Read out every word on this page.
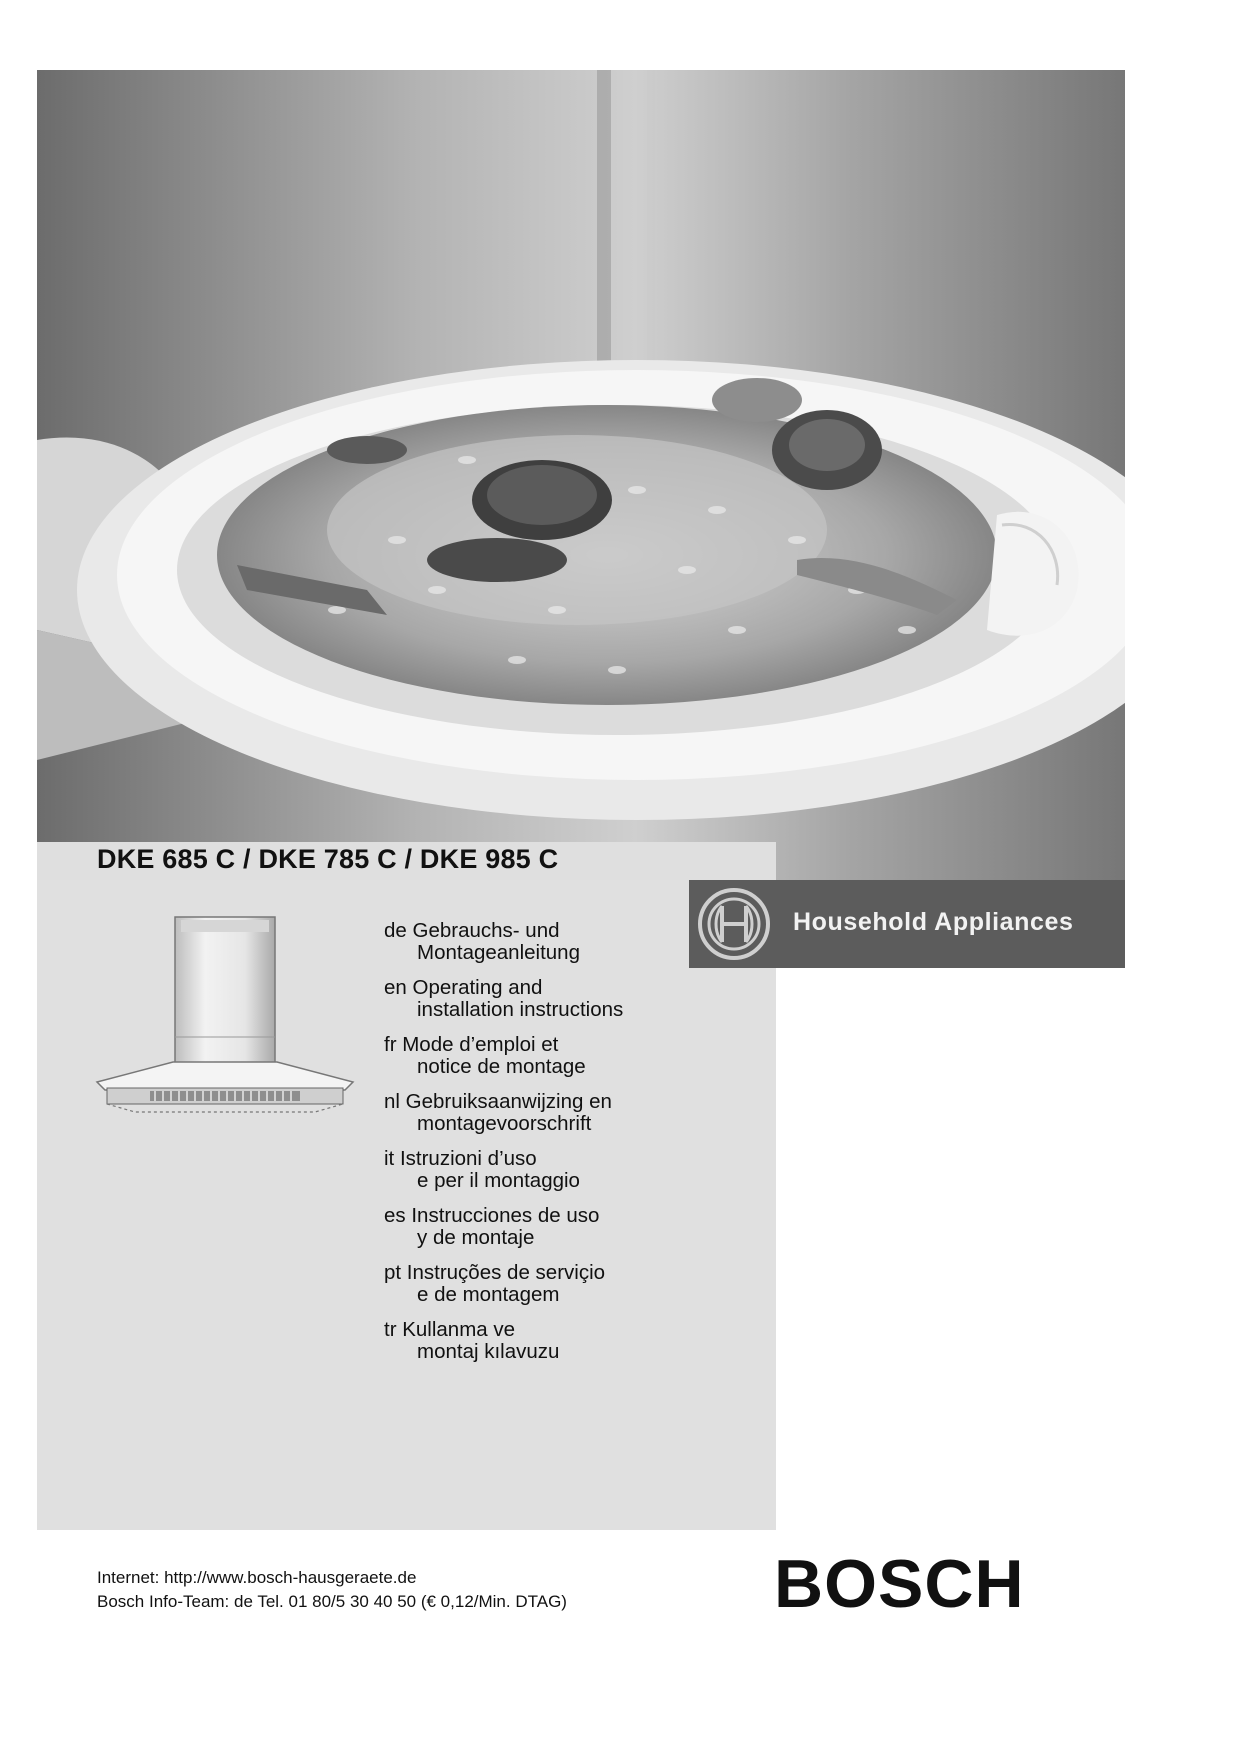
DKE 685 C / DKE 785 C / DKE 985 C
Household Appliances
de Gebrauchs- und
Montageanleitung
en Operating and
installation instructions
fr Mode d’emploi et
notice de montage
nl Gebruiksaanwijzing en
montagevoorschrift
it Istruzioni d’uso
e per il montaggio
es Instrucciones de uso
y de montaje
pt Instruções de serviçio
e de montagem
tr Kullanma ve
montaj kılavuzu
Internet: http://www.bosch-hausgeraete.de
Bosch Info-Team: de Tel. 01 80/5 30 40 50 (€ 0,12/Min. DTAG)	BOSCH
